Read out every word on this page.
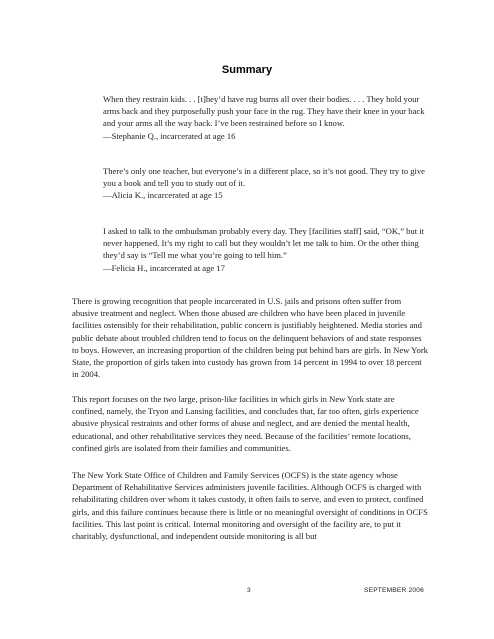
Summary

When they restrain kids. . . [t]hey’d have rug burns all over their bodies. . . . They hold your arms back and they purposefully push your face in the rug. They have their knee in your back and your arms all the way back. I’ve been restrained before so I know.

—Stephanie Q., incarcerated at age 16

There’s only one teacher, but everyone’s in a different place, so it’s not good. They try to give you a book and tell you to study out of it.

—Alicia K., incarcerated at age 15

I asked to talk to the ombudsman probably every day. They [facilities staff] said, “OK,” but it never happened. It’s my right to call but they wouldn’t let me talk to him. Or the other thing they’d say is “Tell me what you’re going to tell him.”

—Felicia H., incarcerated at age 17

There is growing recognition that people incarcerated in U.S. jails and prisons often suffer from abusive treatment and neglect. When those abused are children who have been placed in juvenile facilities ostensibly for their rehabilitation, public concern is justifiably heightened. Media stories and public debate about troubled children tend to focus on the delinquent behaviors of and state responses to boys. However, an increasing proportion of the children being put behind bars are girls. In New York State, the proportion of girls taken into custody has grown from 14 percent in 1994 to over 18 percent in 2004.

This report focuses on the two large, prison-like facilities in which girls in New York state are confined, namely, the Tryon and Lansing facilities, and concludes that, far too often, girls experience abusive physical restraints and other forms of abuse and neglect, and are denied the mental health, educational, and other rehabilitative services they need. Because of the facilities’ remote locations, confined girls are isolated from their families and communities.

The New York State Office of Children and Family Services (OCFS) is the state agency whose Department of Rehabilitative Services administers juvenile facilities. Although OCFS is charged with rehabilitating children over whom it takes custody, it often fails to serve, and even to protect, confined girls, and this failure continues because there is little or no meaningful oversight of conditions in OCFS facilities. This last point is critical. Internal monitoring and oversight of the facility are, to put it charitably, dysfunctional, and independent outside monitoring is all but

3	SEPTEMBER 2006
